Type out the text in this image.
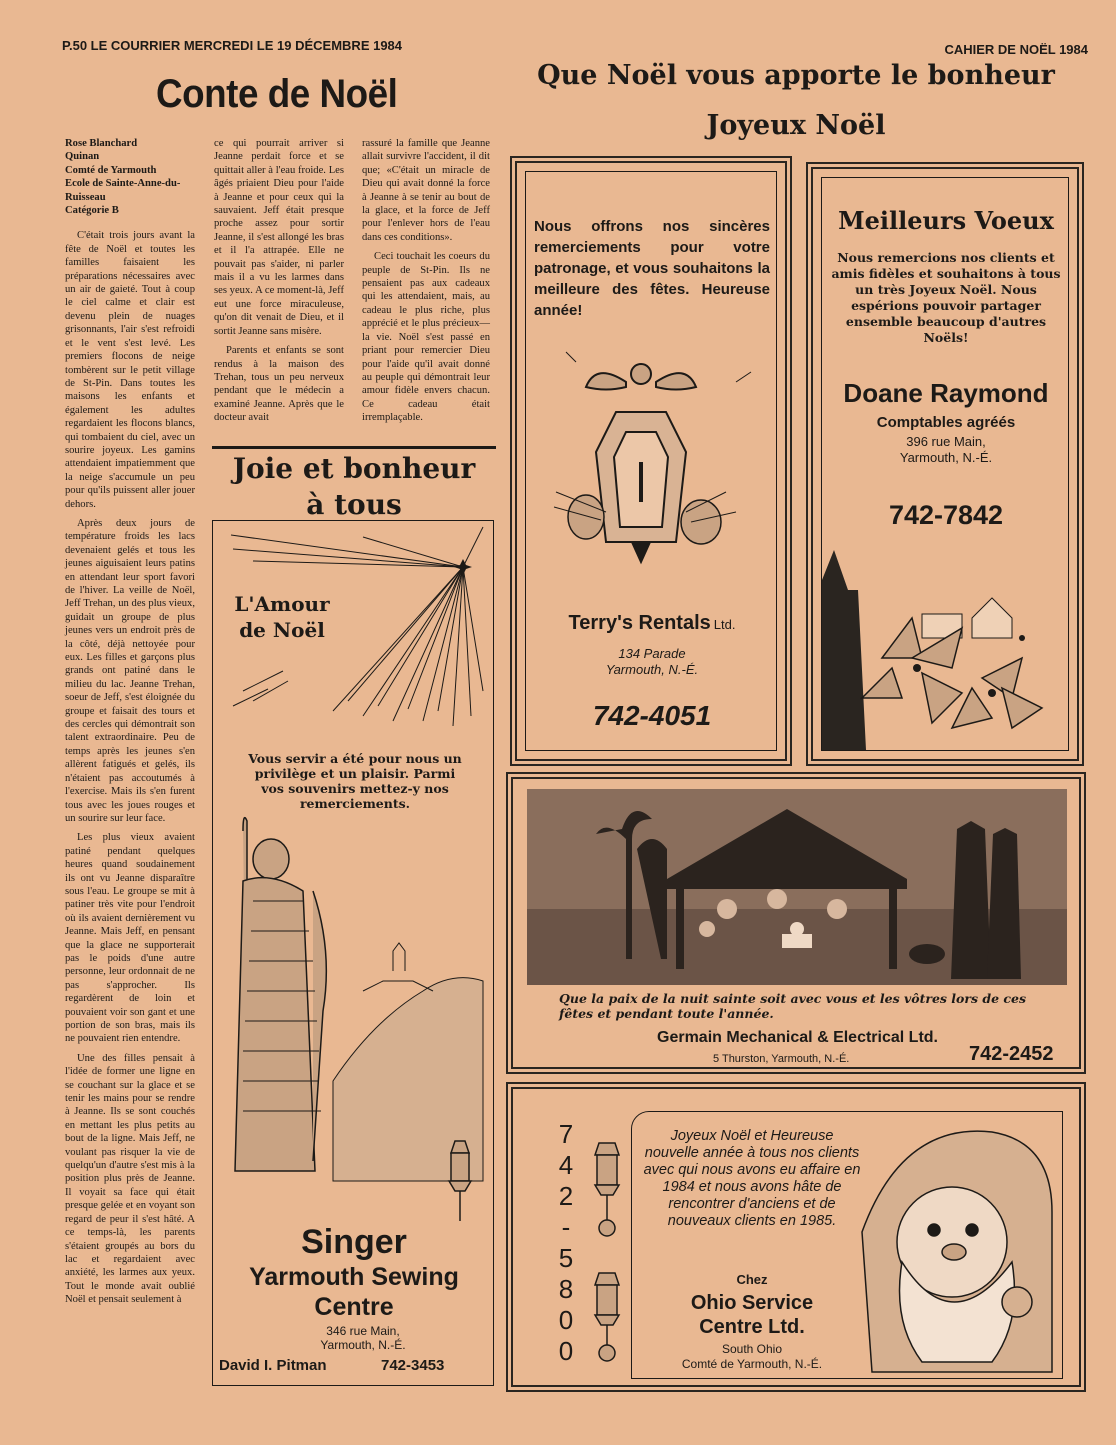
P.50 LE COURRIER MERCREDI LE 19 DÉCEMBRE 1984	CAHIER DE NOËL 1984
Conte de Noël
Rose Blanchard
Quinan
Comté de Yarmouth
Ecole de Sainte-Anne-du-
Ruisseau
Catégorie B

C'était trois jours avant la fête de Noël et toutes les familles faisaient les préparations nécessaires avec un air de gaieté. Tout à coup le ciel calme et clair est devenu plein de nuages grisonnants, l'air s'est refroidi et le vent s'est levé. Les premiers flocons de neige tombèrent sur le petit village de St-Pin. Dans toutes les maisons les enfants et également les adultes regardaient les flocons blancs, qui tombaient du ciel, avec un sourire joyeux. Les gamins attendaient impatiemment que la neige s'accumule un peu pour qu'ils puissent aller jouer dehors.

Après deux jours de température froids les lacs devenaient gelés et tous les jeunes aiguisaient leurs patins en attendant leur sport favori de l'hiver. La veille de Noël, Jeff Trehan, un des plus vieux, guidait un groupe de plus jeunes vers un endroit près de la côté, déjà nettoyée pour eux. Les filles et garçons plus grands ont patiné dans le milieu du lac. Jeanne Trehan, soeur de Jeff, s'est éloignée du groupe et faisait des tours et des cercles qui démontrait son talent extraordinaire. Peu de temps après les jeunes s'en allèrent fatigués et gelés, ils n'étaient pas accoutumés à l'exercise. Mais ils s'en furent tous avec les joues rouges et un sourire sur leur face.

Les plus vieux avaient patiné pendant quelques heures quand soudainement ils ont vu Jeanne disparaître sous l'eau. Le groupe se mit à patiner très vite pour l'endroit où ils avaient dernièrement vu Jeanne. Mais Jeff, en pensant que la glace ne supporterait pas le poids d'une autre personne, leur ordonnait de ne pas s'approcher. Ils regardèrent de loin et pouvaient voir son gant et une portion de son bras, mais ils ne pouvaient rien entendre.

Une des filles pensait à l'idée de former une ligne en se couchant sur la glace et se tenir les mains pour se rendre à Jeanne. Ils se sont couchés en mettant les plus petits au bout de la ligne. Mais Jeff, ne voulant pas risquer la vie de quelqu'un d'autre s'est mis à la position plus près de Jeanne. Il voyait sa face qui était presque gelée et en voyant son regard de peur il s'est hâté. A ce temps-là, les parents s'étaient groupés au bors du lac et regardaient avec anxiété, les larmes aux yeux. Tout le monde avait oublié Noël et pensait seulement à

ce qui pourrait arriver si Jeanne perdait force et se quittait aller à l'eau froide. Les âgés priaient Dieu pour l'aide à Jeanne et pour ceux qui la sauvaient. Jeff était presque proche assez pour sortir Jeanne, il s'est allongé les bras et il l'a attrapée. Elle ne pouvait pas s'aider, ni parler mais il a vu les larmes dans ses yeux. A ce moment-là, Jeff eut une force miraculeuse, qu'on dit venait de Dieu, et il sortit Jeanne sans misère.

Parents et enfants se sont rendus à la maison des Trehan, tous un peu nerveux pendant que le médecin a examiné Jeanne. Après que le docteur avait

rassuré la famille que Jeanne allait survivre l'accident, il dit que; «C'était un miracle de Dieu qui avait donné la force à Jeanne à se tenir au bout de la glace, et la force de Jeff pour l'enlever hors de l'eau dans ces conditions».

Ceci touchait les coeurs du peuple de St-Pin. Ils ne pensaient pas aux cadeaux qui les attendaient, mais, au cadeau le plus riche, plus apprécié et le plus précieux— la vie. Noël s'est passé en priant pour remercier Dieu pour l'aide qu'il avait donné au peuple qui démontrait leur amour fidèle envers chacun. Ce cadeau était irremplaçable.

Joie et bonheur
à tous
L'Amour de Noël
Vous servir a été pour nous un privilège et un plaisir. Parmi vos souvenirs mettez-y nos remerciements.
Singer
Yarmouth Sewing
Centre
346 rue Main,
Yarmouth, N.-É.
David I. Pitman	742-3453
Que Noël vous apporte le bonheur
Joyeux Noël
Nous offrons nos sincères remerciements pour votre patronage, et vous souhaitons la meilleure des fêtes. Heureuse année!
Terry's Rentals Ltd.
134 Parade
Yarmouth, N.-É.
742-4051
Meilleurs Voeux
Nous remercions nos clients et amis fidèles et souhaitons à tous un très Joyeux Noël. Nous espérions pouvoir partager ensemble beaucoup d'autres Noëls!
Doane Raymond
Comptables agréés
396 rue Main,
Yarmouth, N.-É.
742-7842
Que la paix de la nuit sainte soit avec vous et les vôtres lors de ces fêtes et pendant toute l'année.
Germain Mechanical & Electrical Ltd.
5 Thurston, Yarmouth, N.-É.	742-2452
7
4
2
-
5
8
0
0
Joyeux Noël et Heureuse nouvelle année à tous nos clients avec qui nous avons eu affaire en 1984 et nous avons hâte de rencontrer d'anciens et de nouveaux clients en 1985.
Chez
Ohio Service
Centre Ltd.
South Ohio
Comté de Yarmouth, N.-É.
